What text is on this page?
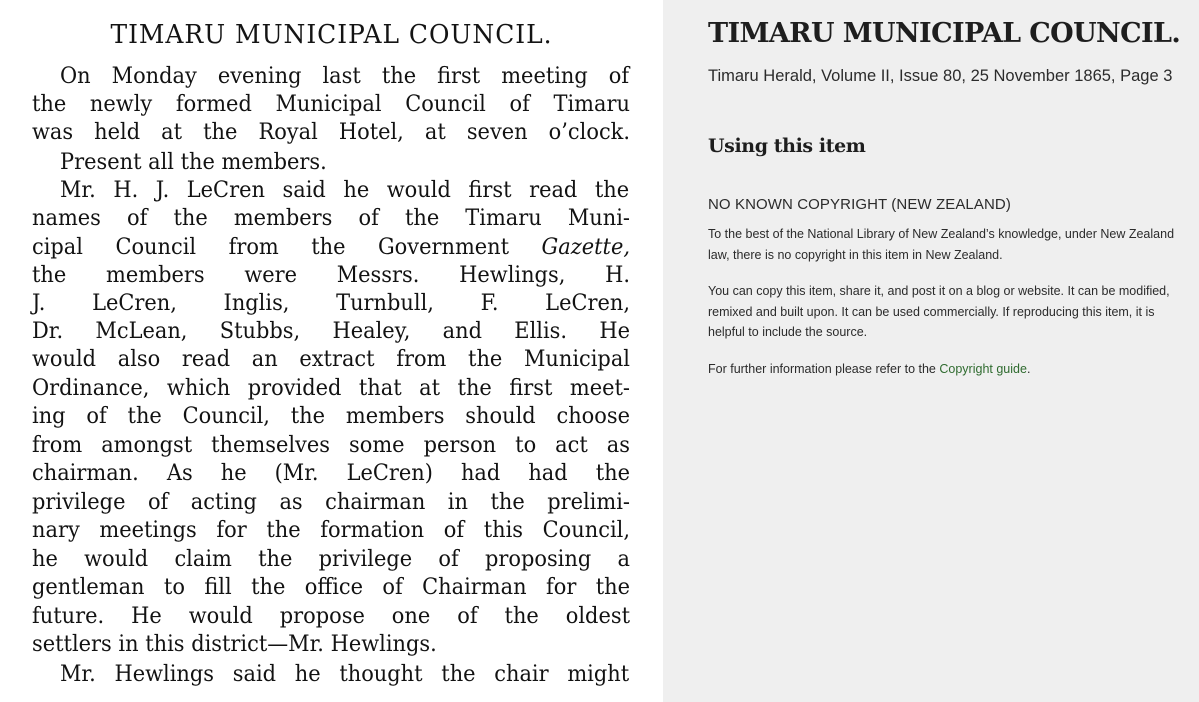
TIMARU MUNICIPAL COUNCIL.
On Monday evening last the first meeting of
the newly formed Municipal Council of Timaru
was held at the Royal Hotel, at seven o’clock.
Present all the members.
Mr. H. J. LeCren said he would first read the
names of the members of the Timaru Muni-
cipal Council from the Government Gazette,
the members were Messrs. Hewlings, H.
J. LeCren, Inglis, Turnbull, F. LeCren,
Dr. McLean, Stubbs, Healey, and Ellis. He
would also read an extract from the Municipal
Ordinance, which provided that at the first meet-
ing of the Council, the members should choose
from amongst themselves some person to act as
chairman. As he (Mr. LeCren) had had the
privilege of acting as chairman in the prelimi-
nary meetings for the formation of this Council,
he would claim the privilege of proposing a
gentleman to fill the office of Chairman for the
future. He would propose one of the oldest
settlers in this district—Mr. Hewlings.
Mr. Hewlings said he thought the chair might
TIMARU MUNICIPAL COUNCIL.
Timaru Herald, Volume II, Issue 80, 25 November 1865, Page 3
Using this item
NO KNOWN COPYRIGHT (NEW ZEALAND)
To the best of the National Library of New Zealand’s knowledge, under New Zealand law, there is no copyright in this item in New Zealand.
You can copy this item, share it, and post it on a blog or website. It can be modified, remixed and built upon. It can be used commercially. If reproducing this item, it is helpful to include the source.
For further information please refer to the Copyright guide.
